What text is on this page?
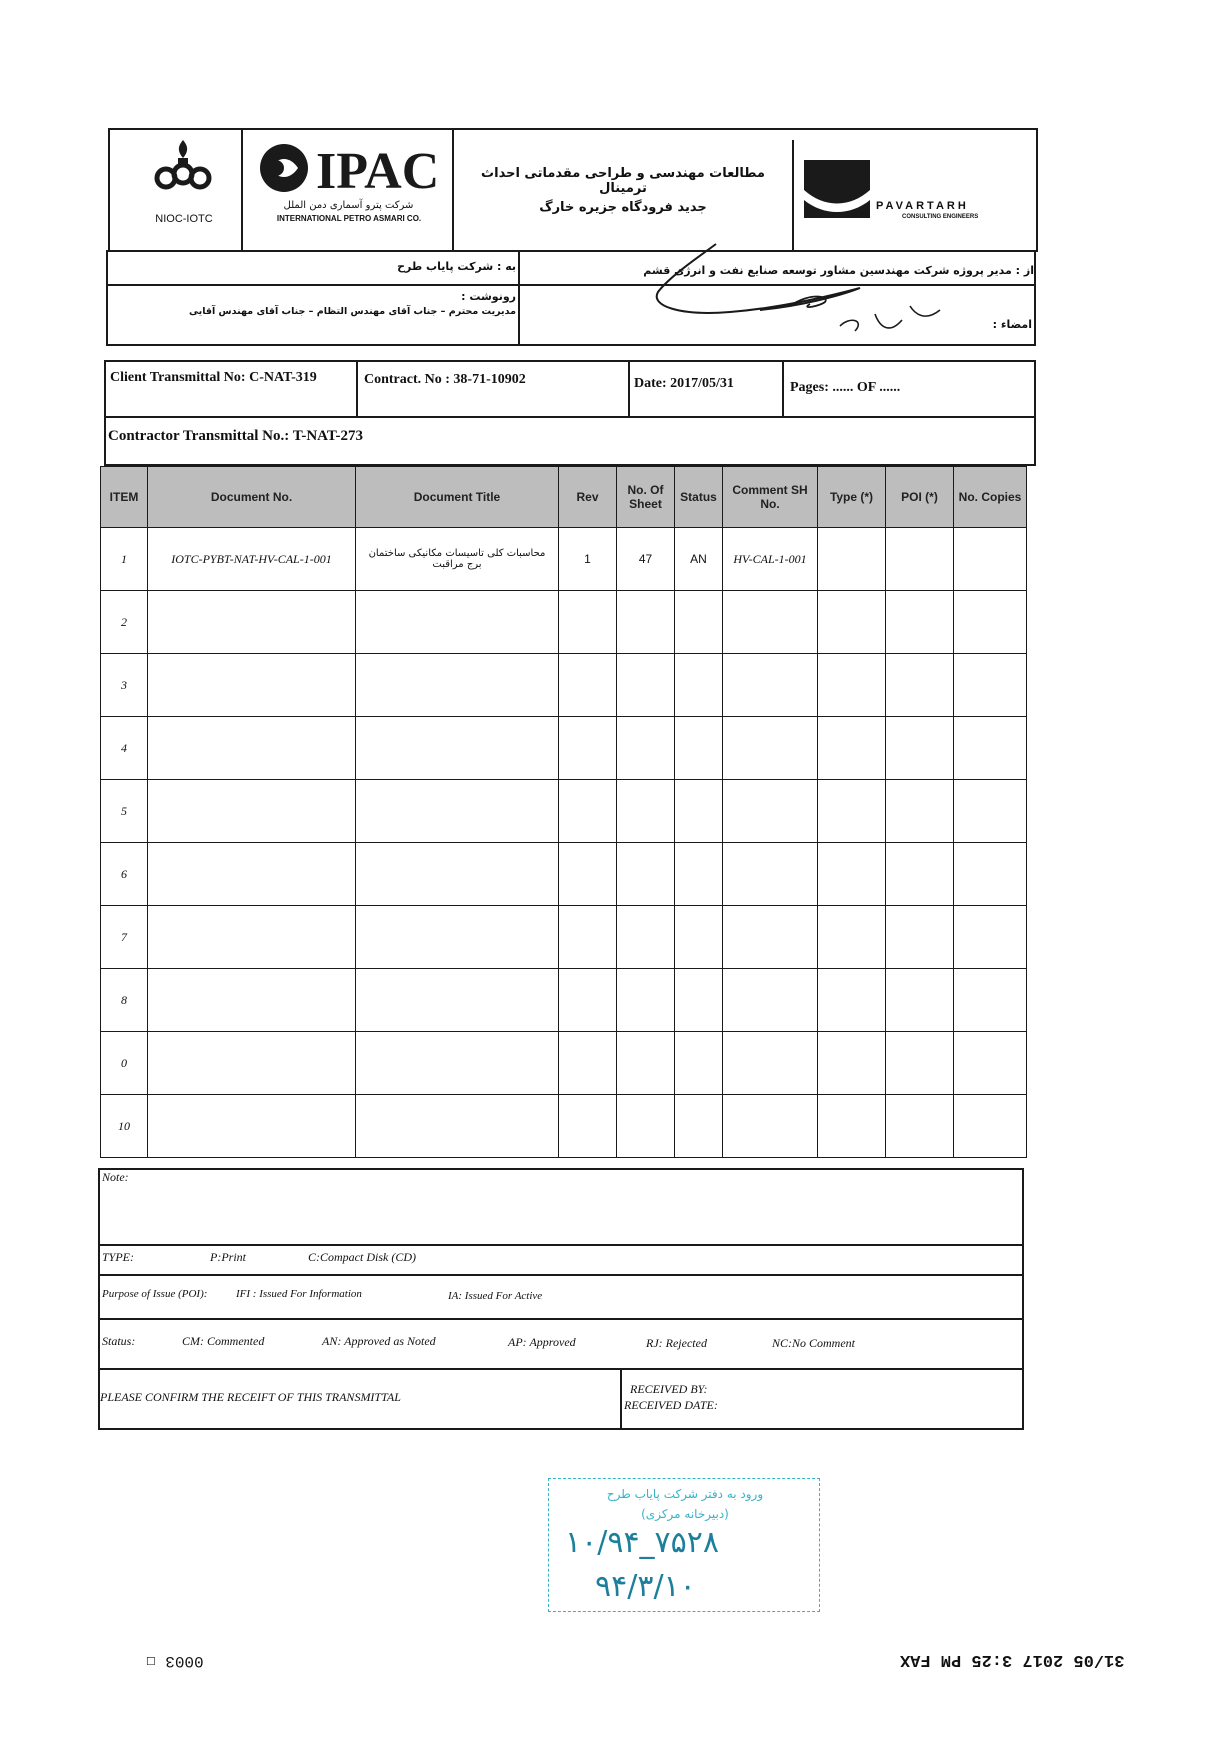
NIOC-IOTC
IPAC
شرکت پترو آسماری دمن الملل
INTERNATIONAL PETRO ASMARI CO.
مطالعات مهندسی و طراحی مقدماتی احداث ترمینال
جدید فرودگاه جزیره خارگ	PAVARTARH
CONSULTING ENGINEERS
به : شرکت پایاب طرح	از : مدیر پروژه شرکت مهندسین مشاور توسعه صنایع نفت و انرژی قشم
رونوشت :
مدیریت محترم – جناب آقای مهندس التظام – جناب آقای مهندس آقایی
امضاء :
Client Transmittal No: C-NAT-319	Contract. No : 38-71-10902	Date: 2017/05/31	Pages: ...... OF ......
Contractor Transmittal No.: T-NAT-273
ITEM	Document No.	Document Title	Rev	No. Of Sheet	Status	Comment SH No.	Type (*)	POI (*)	No. Copies
1	IOTC-PYBT-NAT-HV-CAL-1-001	محاسبات کلی تاسیسات مکانیکی ساختمان برج مراقبت	1	47	AN	HV-CAL-1-001			
2									
3									
4									
5									
6									
7									
8									
0									
10									
Note:
TYPE:	P:Print	C:Compact Disk (CD)
Purpose of Issue (POI):	IFI : Issued For Information	IA: Issued For Active
Status:	CM: Commented	AN: Approved as Noted	AP: Approved	RJ: Rejected	NC:No Comment
PLEASE CONFIRM THE RECEIFT OF THIS TRANSMITTAL
RECEIVED BY:
RECEIVED DATE:
ورود به دفتر شرکت پایاب طرح
(دبیرخانه مرکزی)
۱۰/۹۴_۷۵۲۸
۹۴/۳/۱۰
0003 ☐	31/05 2017 3:25 PM FAX
